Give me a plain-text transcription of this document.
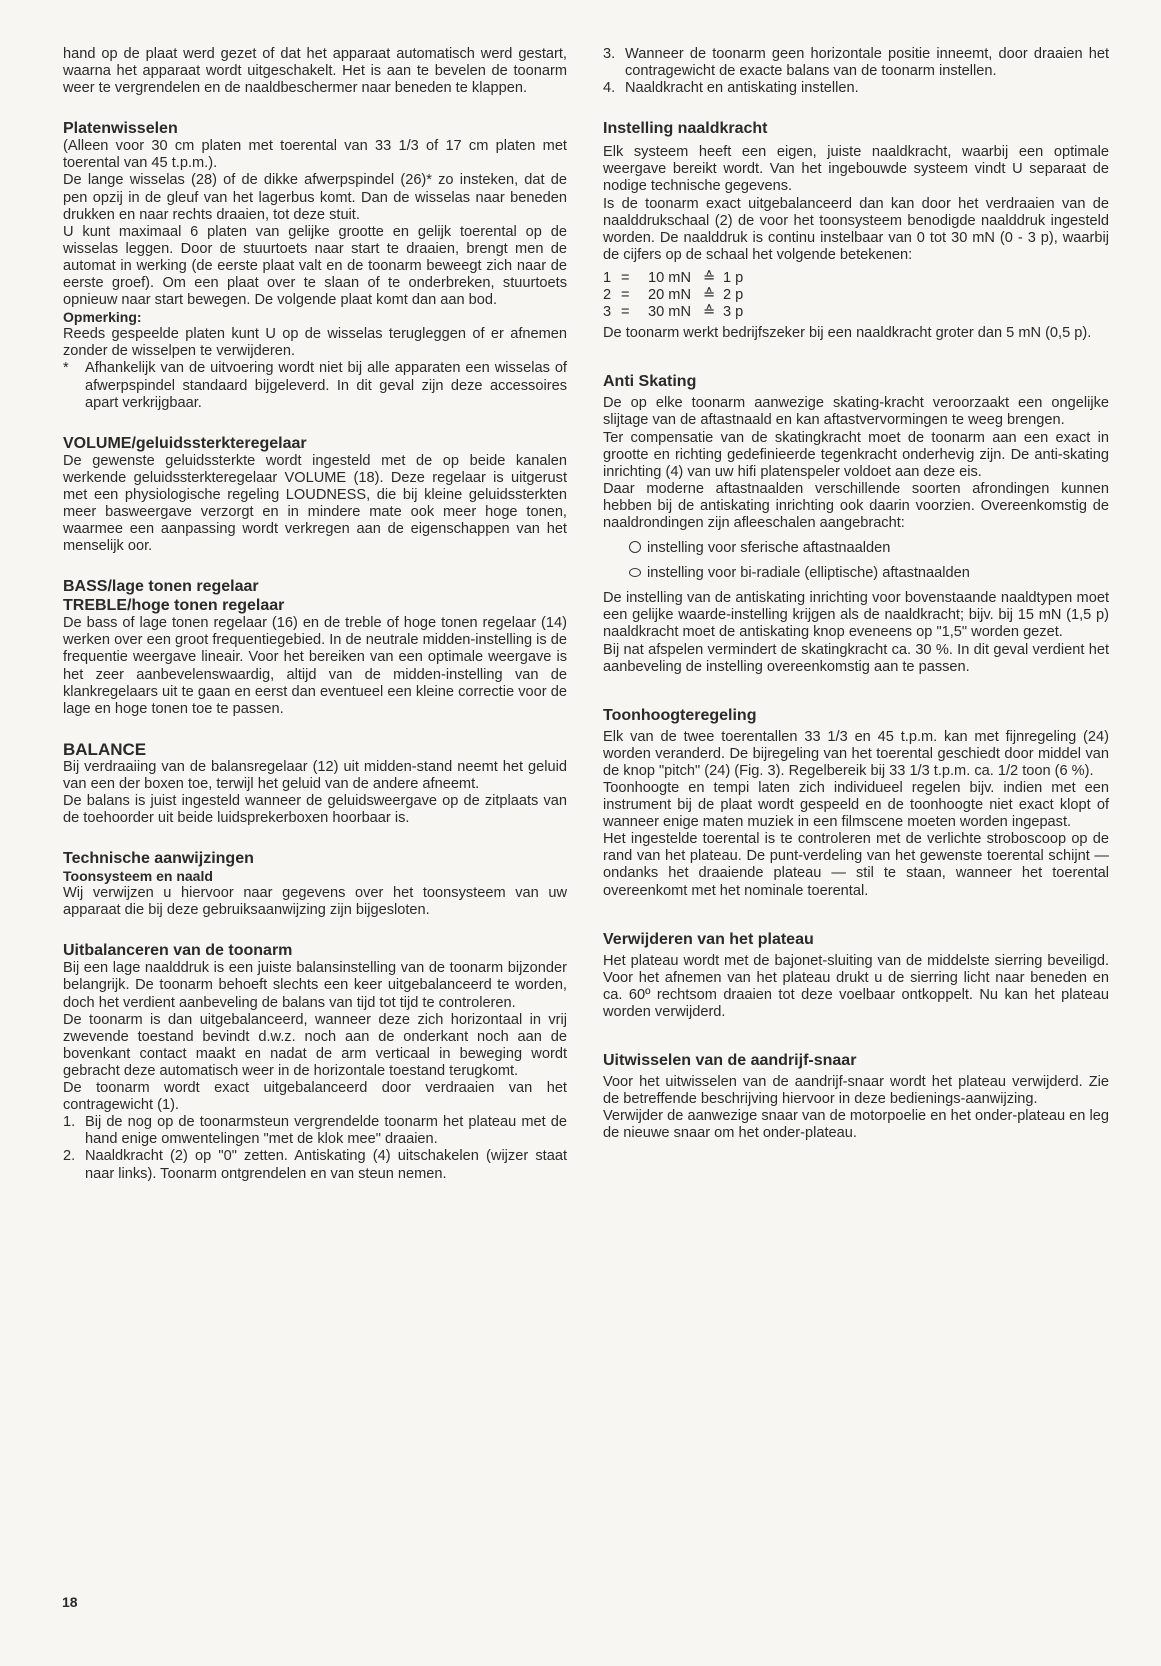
hand op de plaat werd gezet of dat het apparaat automatisch werd gestart, waarna het apparaat wordt uitgeschakelt. Het is aan te bevelen de toonarm weer te vergrendelen en de naaldbeschermer naar beneden te klappen.

Platenwisselen

(Alleen voor 30 cm platen met toerental van 33 1/3 of 17 cm platen met toerental van 45 t.p.m.).

De lange wisselas (28) of de dikke afwerpspindel (26)* zo insteken, dat de pen opzij in de gleuf van het lagerbus komt. Dan de wisselas naar beneden drukken en naar rechts draaien, tot deze stuit.

U kunt maximaal 6 platen van gelijke grootte en gelijk toerental op de wisselas leggen. Door de stuurtoets naar start te draaien, brengt men de automat in werking (de eerste plaat valt en de toonarm beweegt zich naar de eerste groef). Om een plaat over te slaan of te onderbreken, stuurtoets opnieuw naar start bewegen. De volgende plaat komt dan aan bod.

Opmerking:

Reeds gespeelde platen kunt U op de wisselas terugleggen of er afnemen zonder de wisselpen te verwijderen.

* Afhankelijk van de uitvoering wordt niet bij alle apparaten een wisselas of afwerpspindel standaard bijgeleverd. In dit geval zijn deze accessoires apart verkrijgbaar.
VOLUME/geluidssterkteregelaar

De gewenste geluidssterkte wordt ingesteld met de op beide kanalen werkende geluidssterkteregelaar VOLUME (18). Deze regelaar is uitgerust met een physiologische regeling LOUDNESS, die bij kleine geluidssterkten meer basweergave verzorgt en in mindere mate ook meer hoge tonen, waarmee een aanpassing wordt verkregen aan de eigenschappen van het menselijk oor.

BASS/lage tonen regelaar
TREBLE/hoge tonen regelaar

De bass of lage tonen regelaar (16) en de treble of hoge tonen regelaar (14) werken over een groot frequentiegebied. In de neutrale midden-instelling is de frequentie weergave lineair. Voor het bereiken van een optimale weergave is het zeer aanbevelenswaardig, altijd van de midden-instelling van de klankregelaars uit te gaan en eerst dan eventueel een kleine correctie voor de lage en hoge tonen toe te passen.

BALANCE

Bij verdraaiing van de balansregelaar (12) uit midden-stand neemt het geluid van een der boxen toe, terwijl het geluid van de andere afneemt.

De balans is juist ingesteld wanneer de geluidsweergave op de zitplaats van de toehoorder uit beide luidsprekerboxen hoorbaar is.

Technische aanwijzingen
Toonsysteem en naald

Wij verwijzen u hiervoor naar gegevens over het toonsysteem van uw apparaat die bij deze gebruiksaanwijzing zijn bijgesloten.

Uitbalanceren van de toonarm

Bij een lage naalddruk is een juiste balansinstelling van de toonarm bijzonder belangrijk. De toonarm behoeft slechts een keer uitgebalanceerd te worden, doch het verdient aanbeveling de balans van tijd tot tijd te controleren.

De toonarm is dan uitgebalanceerd, wanneer deze zich horizontaal in vrij zwevende toestand bevindt d.w.z. noch aan de onderkant noch aan de bovenkant contact maakt en nadat de arm verticaal in beweging wordt gebracht deze automatisch weer in de horizontale toestand terugkomt.

De toonarm wordt exact uitgebalanceerd door verdraaien van het contragewicht (1).

1. Bij de nog op de toonarmsteun vergrendelde toonarm het plateau met de hand enige omwentelingen "met de klok mee" draaien.
2. Naaldkracht (2) op "0" zetten. Antiskating (4) uitschakelen (wijzer staat naar links). Toonarm ontgrendelen en van steun nemen.
18
3. Wanneer de toonarm geen horizontale positie inneemt, door draaien het contragewicht de exacte balans van de toonarm instellen.
4. Naaldkracht en antiskating instellen.
Instelling naaldkracht

Elk systeem heeft een eigen, juiste naaldkracht, waarbij een optimale weergave bereikt wordt. Van het ingebouwde systeem vindt U separaat de nodige technische gegevens.

Is de toonarm exact uitgebalanceerd dan kan door het verdraaien van de naalddrukschaal (2) de voor het toonsysteem benodigde naalddruk ingesteld worden. De naalddruk is continu instelbaar van 0 tot 30 mN (0 - 3 p), waarbij de cijfers op de schaal het volgende betekenen:

1 = 10 mN ≙ 1 p
2 = 20 mN ≙ 2 p
3 = 30 mN ≙ 3 p

De toonarm werkt bedrijfszeker bij een naaldkracht groter dan 5 mN (0,5 p).

Anti Skating

De op elke toonarm aanwezige skating-kracht veroorzaakt een ongelijke slijtage van de aftastnaald en kan aftastvervormingen te weeg brengen.

Ter compensatie van de skatingkracht moet de toonarm aan een exact in grootte en richting gedefinieerde tegenkracht onderhevig zijn. De anti-skating inrichting (4) van uw hifi platenspeler voldoet aan deze eis.

Daar moderne aftastnaalden verschillende soorten afrondingen kunnen hebben bij de antiskating inrichting ook daarin voorzien. Overeenkomstig de naaldrondingen zijn afleeschalen aangebracht:

instelling voor sferische aftastnaalden
instelling voor bi-radiale (elliptische) aftastnaalden

De instelling van de antiskating inrichting voor bovenstaande naaldtypen moet een gelijke waarde-instelling krijgen als de naaldkracht; bijv. bij 15 mN (1,5 p) naaldkracht moet de antiskating knop eveneens op "1,5" worden gezet.

Bij nat afspelen vermindert de skatingkracht ca. 30 %. In dit geval verdient het aanbeveling de instelling overeenkomstig aan te passen.

Toonhoogteregeling

Elk van de twee toerentallen 33 1/3 en 45 t.p.m. kan met fijnregeling (24) worden veranderd. De bijregeling van het toerental geschiedt door middel van de knop "pitch" (24) (Fig. 3). Regelbereik bij 33 1/3 t.p.m. ca. 1/2 toon (6 %).

Toonhoogte en tempi laten zich individueel regelen bijv. indien met een instrument bij de plaat wordt gespeeld en de toonhoogte niet exact klopt of wanneer enige maten muziek in een filmscene moeten worden ingepast.

Het ingestelde toerental is te controleren met de verlichte stroboscoop op de rand van het plateau. De punt-verdeling van het gewenste toerental schijnt — ondanks het draaiende plateau — stil te staan, wanneer het toerental overeenkomt met het nominale toerental.

Verwijderen van het plateau

Het plateau wordt met de bajonet-sluiting van de middelste sierring beveiligd. Voor het afnemen van het plateau drukt u de sierring licht naar beneden en ca. 60º rechtsom draaien tot deze voelbaar ontkoppelt. Nu kan het plateau worden verwijderd.

Uitwisselen van de aandrijf-snaar

Voor het uitwisselen van de aandrijf-snaar wordt het plateau verwijderd. Zie de betreffende beschrijving hiervoor in deze bedienings-aanwijzing.

Verwijder de aanwezige snaar van de motorpoelie en het onder-plateau en leg de nieuwe snaar om het onder-plateau.
